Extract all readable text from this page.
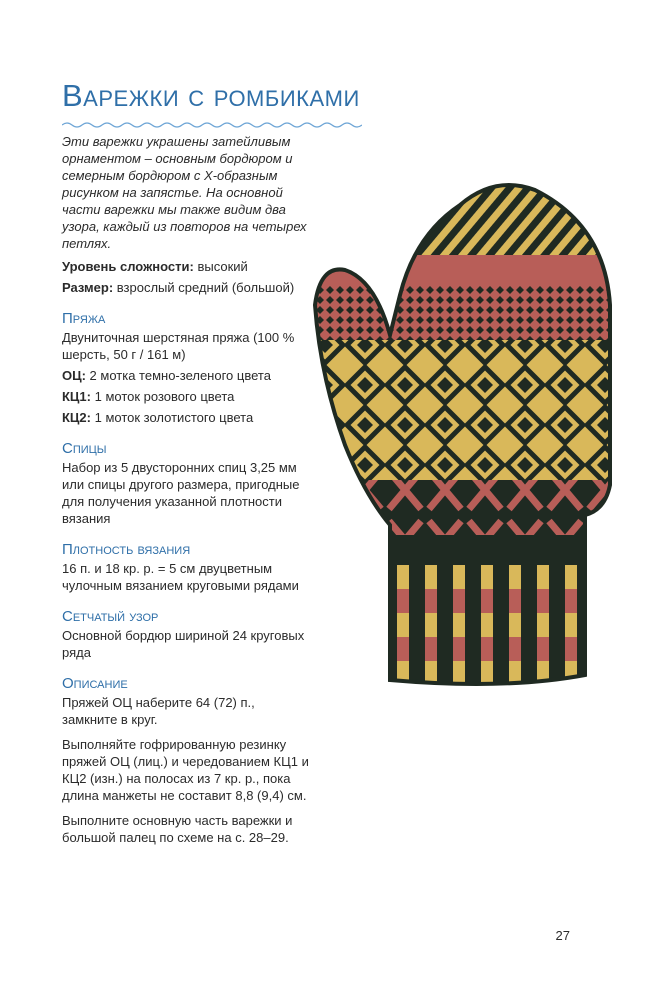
Варежки с ромбиками

Эти варежки украшены затейливым орнаментом – основным бордюром и семерным бордюром с Х-образным рисунком на запястье. На основной части варежки мы также видим два узора, каждый из повторов на четырех петлях.

Уровень сложности: высокий

Размер: взрослый средний (большой)

Пряжа

Двуниточная шерстяная пряжа (100 % шерсть, 50 г / 161 м)

ОЦ: 2 мотка темно-зеленого цвета

КЦ1: 1 моток розового цвета

КЦ2: 1 моток золотистого цвета

Спицы

Набор из 5 двусторонних спиц 3,25 мм или спицы другого размера, пригодные для получения указанной плотности вязания

Плотность вязания

16 п. и 18 кр. р. = 5 см двуцветным чулочным вязанием круговыми рядами

Сетчатый узор

Основной бордюр шириной 24 круговых ряда

Описание

Пряжей ОЦ наберите 64 (72) п., замкните в круг.

Выполняйте гофрированную резинку пряжей ОЦ (лиц.) и чередованием КЦ1 и КЦ2 (изн.) на полосах из 7 кр. р., пока длина манжеты не составит 8,8 (9,4) см.

Выполните основную часть варежки и большой палец по схеме на с. 28–29.

27
